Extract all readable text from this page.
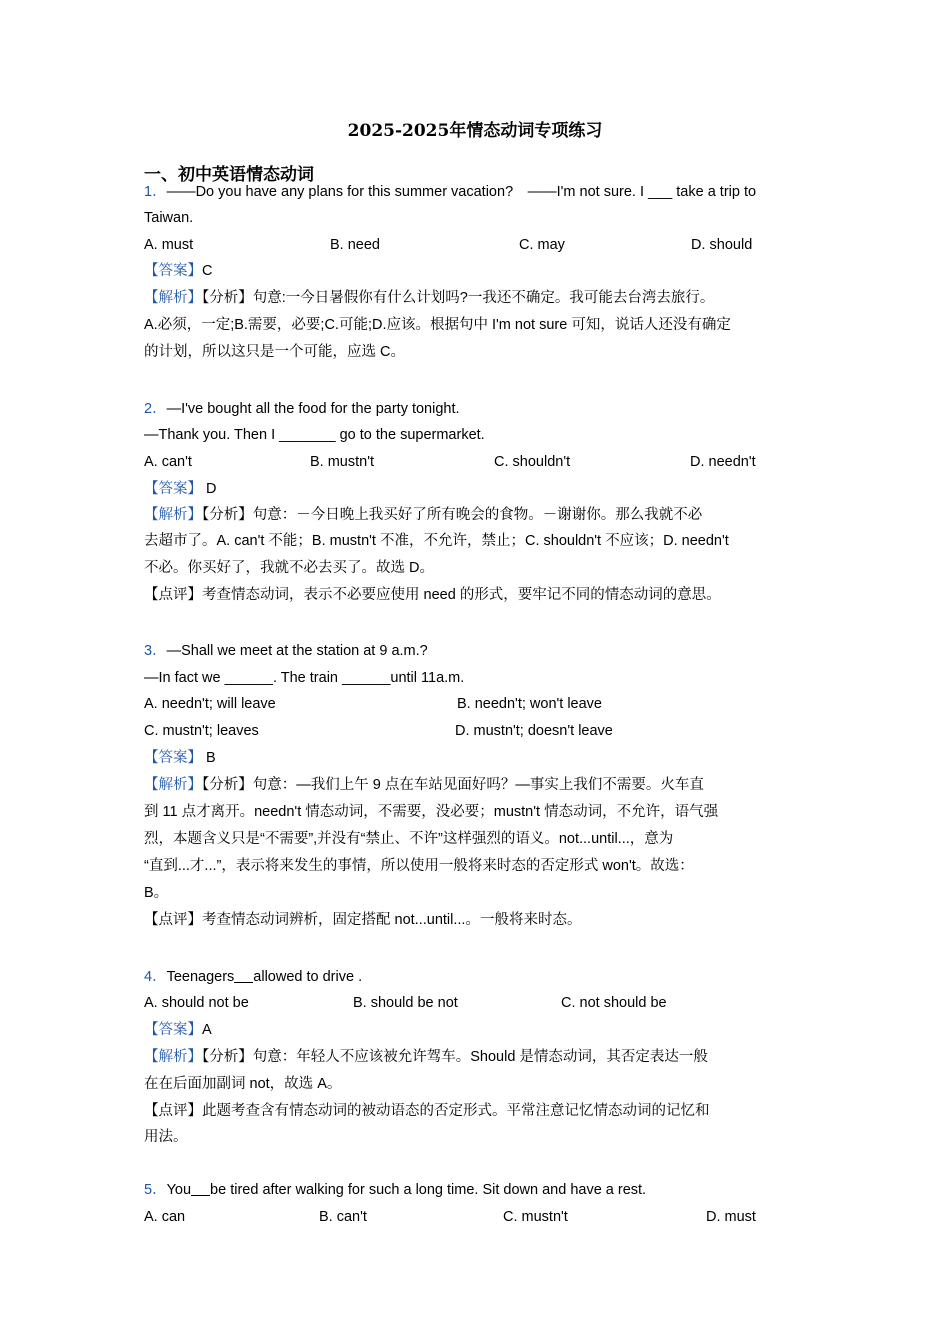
2025-2025年情态动词专项练习
一、初中英语情态动词
1．——Do you have any plans for this summer vacation?　——I'm not sure. I ___ take a trip to
Taiwan.
A. must	B. need	C. may	D. should
【答案】C
【解析】【分析】句意:一今日暑假你有什么计划吗?一我还不确定。我可能去台湾去旅行。
A.必须，一定;B.需要，必要;C.可能;D.应该。根据句中 I'm not sure 可知，说话人还没有确定
的计划，所以这只是一个可能，应选 C。
2．—I've bought all the food for the party tonight.
—Thank you. Then I _______ go to the supermarket.
A. can't	B. mustn't	C. shouldn't	D. needn't
【答案】 D
【解析】【分析】句意：－今日晚上我买好了所有晚会的食物。－谢谢你。那么我就不必
去超市了。A. can't 不能；B. mustn't 不准，不允许，禁止；C. shouldn't 不应该；D. needn't
不必。你买好了，我就不必去买了。故选 D。
【点评】考查情态动词，表示不必要应使用 need 的形式，要牢记不同的情态动词的意思。
3．—Shall we meet at the station at 9 a.m.?
—In fact we ______. The train ______until 11a.m.
A. needn't; will leave	B. needn't; won't leave
C. mustn't; leaves	D. mustn't; doesn't leave
【答案】 B
【解析】【分析】句意：—我们上午 9 点在车站见面好吗？—事实上我们不需要。火车直
到 11 点才离开。needn't 情态动词，不需要，没必要；mustn't 情态动词，不允许，语气强
烈，本题含义只是“不需要”,并没有“禁止、不许”这样强烈的语义。not...until...，意为
“直到...才...”，表示将来发生的事情，所以使用一般将来时态的否定形式 won't。故选：
B。
【点评】考查情态动词辨析，固定搭配 not...until...。一般将来时态。
4．Teenagers allowed to drive .
A. should not be	B. should be not	C. not should be
【答案】A
【解析】【分析】句意：年轻人不应该被允许驾车。Should 是情态动词，其否定表达一般
在在后面加副词 not，故选 A。
【点评】此题考查含有情态动词的被动语态的否定形式。平常注意记忆情态动词的记忆和
用法。
5．You be tired after walking for such a long time. Sit down and have a rest.
A. can	B. can't	C. mustn't	D. must
